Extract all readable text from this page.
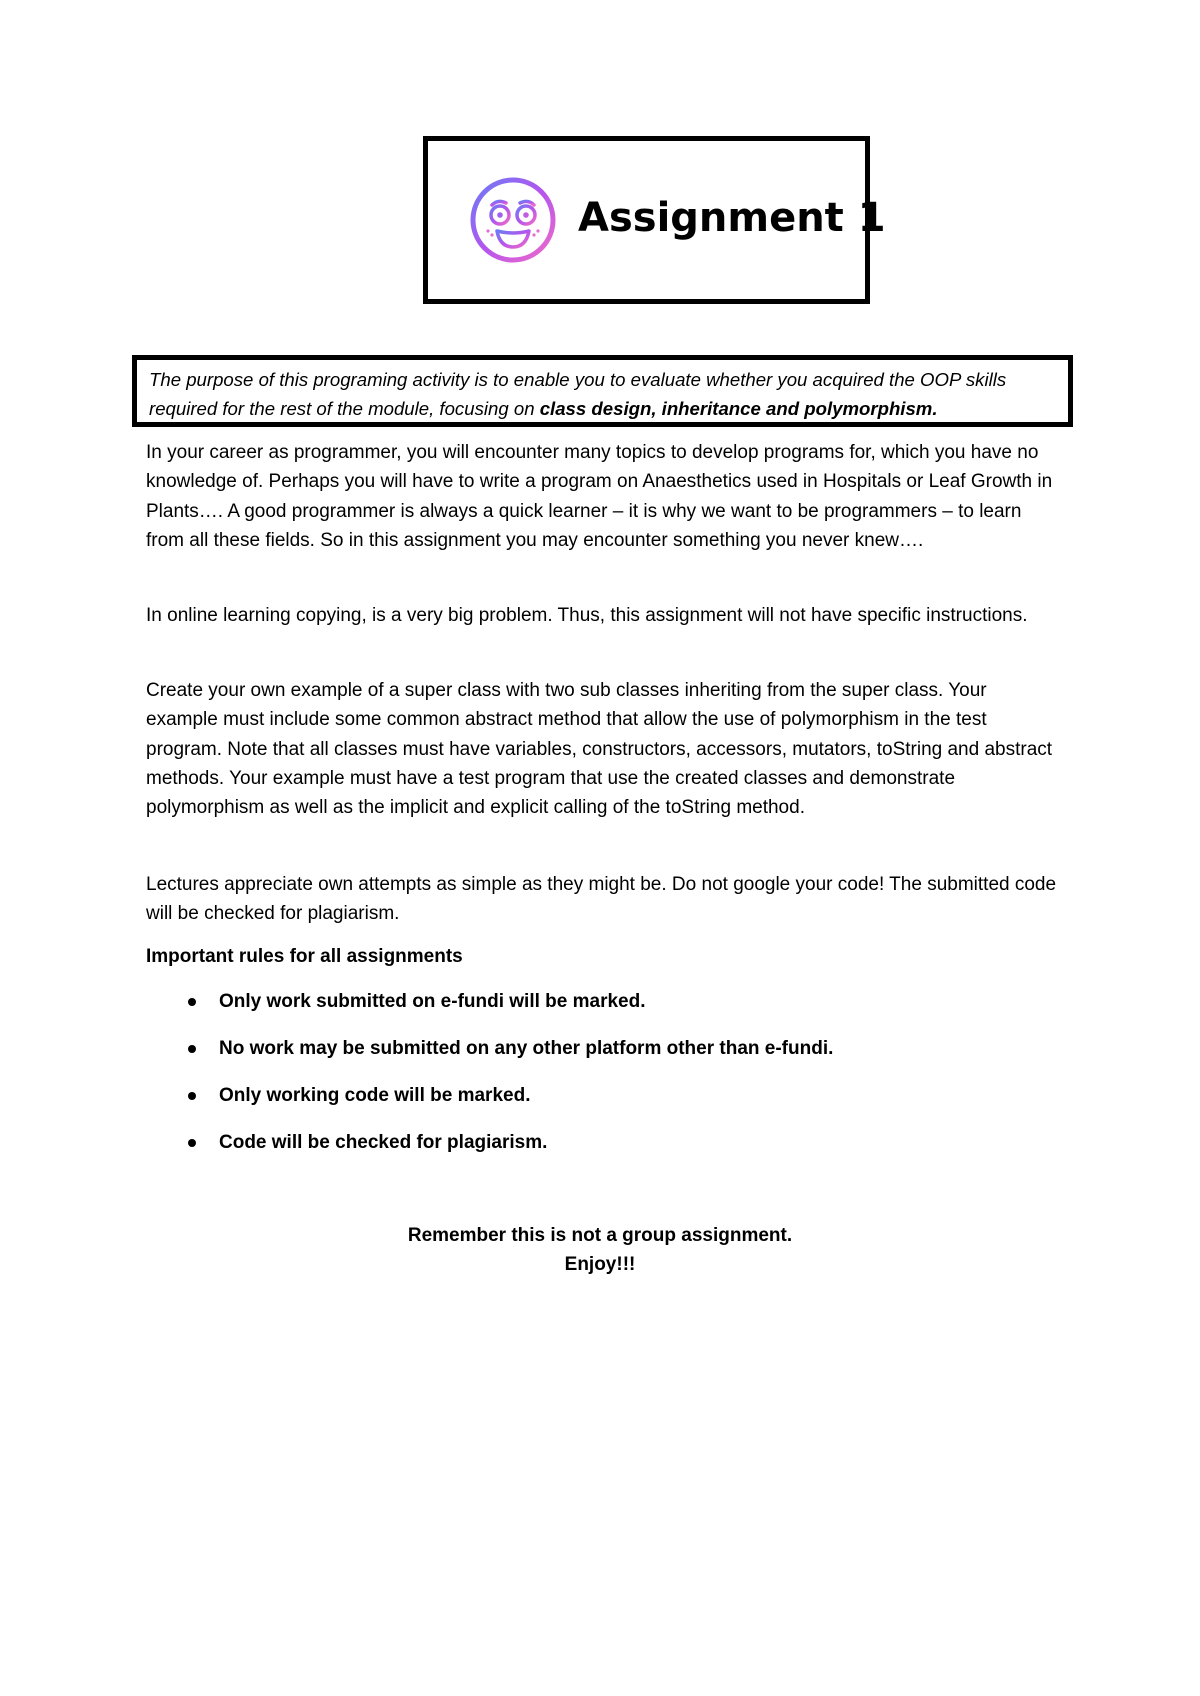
Assignment 1
The purpose of this programing activity is to enable you to evaluate whether you acquired the OOP skills required for the rest of the module, focusing on class design, inheritance and polymorphism.

In your career as programmer, you will encounter many topics to develop programs for, which you have no knowledge of. Perhaps you will have to write a program on Anaesthetics used in Hospitals or Leaf Growth in Plants…. A good programmer is always a quick learner – it is why we want to be programmers – to learn from all these fields. So in this assignment you may encounter something you never knew….

In online learning copying, is a very big problem. Thus, this assignment will not have specific instructions.

Create your own example of a super class with two sub classes inheriting from the super class. Your example must include some common abstract method that allow the use of polymorphism in the test program. Note that all classes must have variables, constructors, accessors, mutators, toString and abstract methods. Your example must have a test program that use the created classes and demonstrate polymorphism as well as the implicit and explicit calling of the toString method.

Lectures appreciate own attempts as simple as they might be. Do not google your code! The submitted code will be checked for plagiarism.

Important rules for all assignments

Only work submitted on e-fundi will be marked.
No work may be submitted on any other platform other than e-fundi.
Only working code will be marked.
Code will be checked for plagiarism.

Remember this is not a group assignment.

Enjoy!!!
